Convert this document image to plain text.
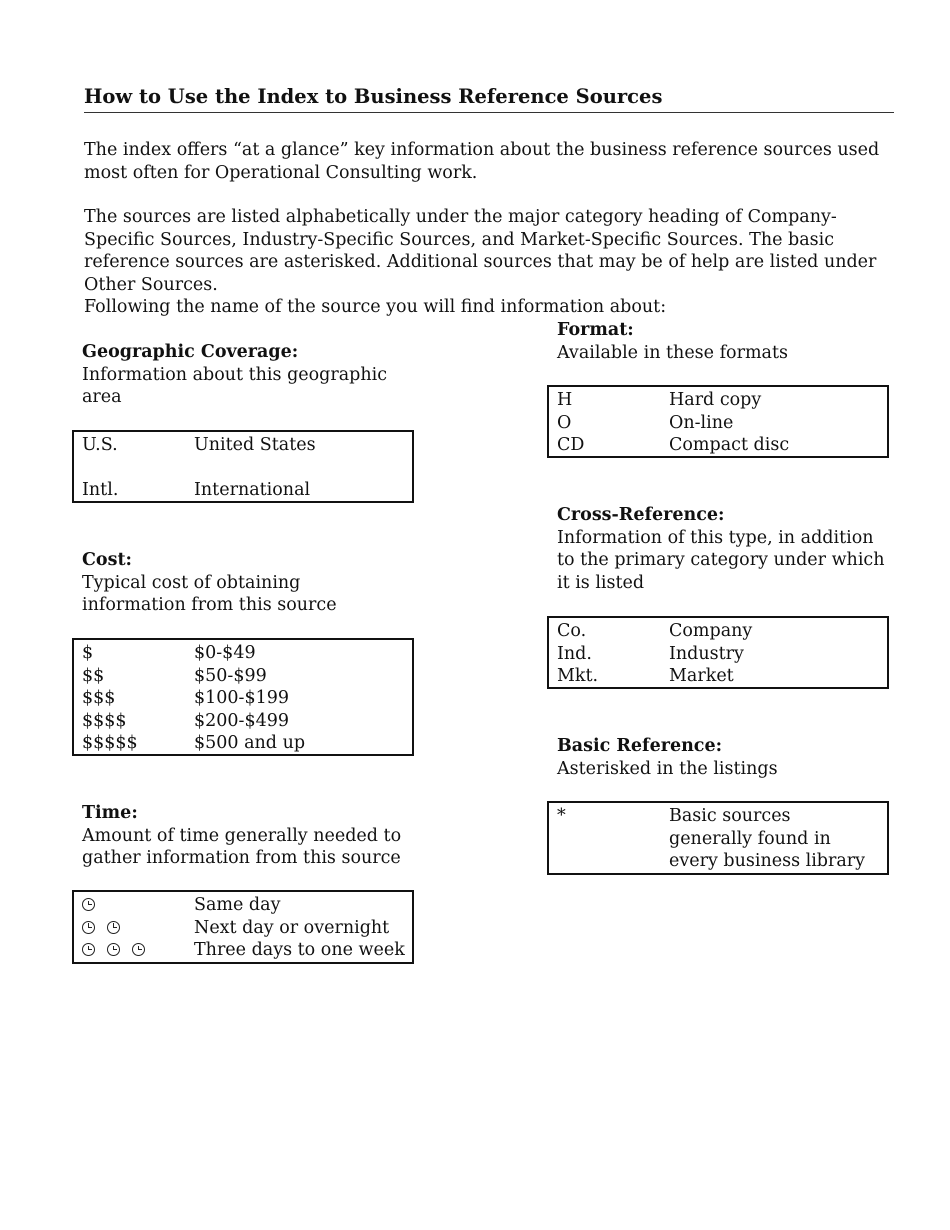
How to Use the Index to Business Reference Sources
The index offers “at a glance” key information about the business reference sources used most often for Operational Consulting work.
The sources are listed alphabetically under the major category heading of Company-Specific Sources, Industry-Specific Sources, and Market-Specific Sources. The basic reference sources are asterisked. Additional sources that may be of help are listed under Other Sources.
Following the name of the source you will find information about:
Geographic Coverage:
Information about this geographic area
U.S.	United States
Intl.	International
Cost:
Typical cost of obtaining information from this source
$	$0-$49
$$	$50-$99
$$$	$100-$199
$$$$	$200-$499
$$$$$	$500 and up
Time:
Amount of time generally needed to gather information from this source
Same day
Next day or overnight
Three days to one week
Format:
Available in these formats
H	Hard copy
O	On-line
CD	Compact disc
Cross-Reference:
Information of this type, in addition to the primary category under which it is listed
Co.	Company
Ind.	Industry
Mkt.	Market
Basic Reference:
Asterisked in the listings
*	Basic sources generally found in every business library
